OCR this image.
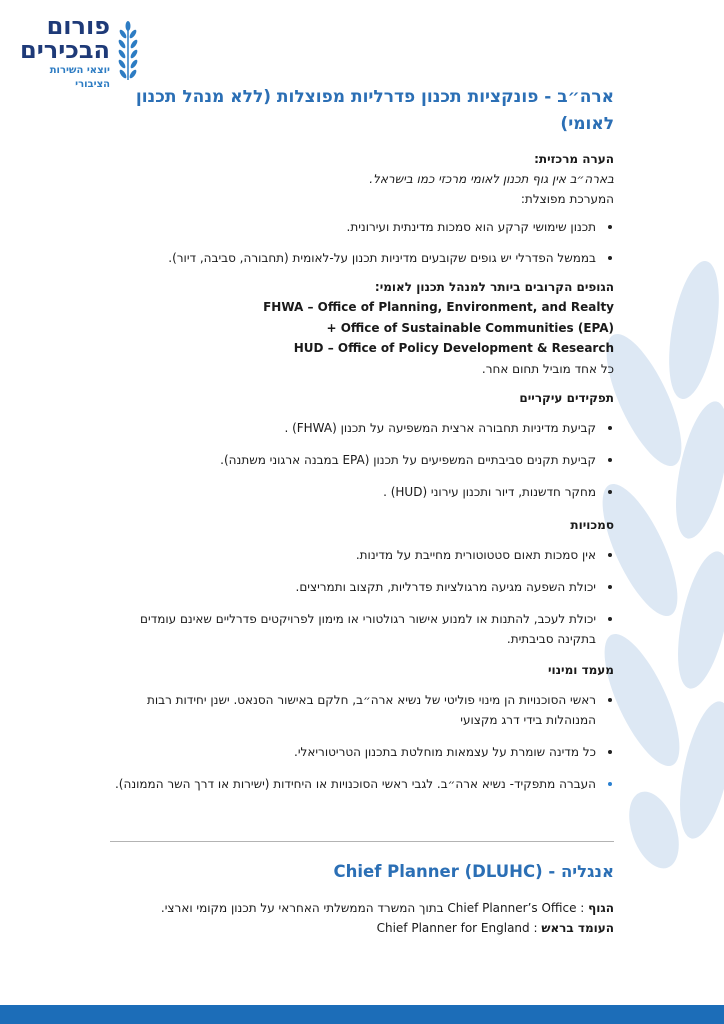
פורום
הבכירים
יוצאי השירות הציבורי
ארה״ב - פונקציות תכנון פדרליות מפוצלות (ללא מנהל תכנון לאומי)

הערה מרכזית:

בארה״ב אין גוף תכנון לאומי מרכזי כמו בישראל.

המערכת מפוצלת:

תכנון שימושי קרקע הוא סמכות מדינתית ועירונית.
בממשל הפדרלי יש גופים שקובעים מדיניות תכנון על-לאומית (תחבורה, סביבה, דיור).

הגופים הקרובים ביותר למנהל תכנון לאומי:

FHWA – Office of Planning, Environment, and Realty

Office of Sustainable Communities (EPA) +

HUD – Office of Policy Development & Research

כל אחד מוביל תחום אחר.

תפקידים עיקריים

קביעת מדיניות תחבורה ארצית המשפיעה על תכנון (FHWA) .
קביעת תקנים סביבתיים המשפיעים על תכנון (EPA במבנה ארגוני משתנה).
מחקר חדשנות, דיור ותכנון עירוני (HUD) .

סמכויות

אין סמכות תאום סטטוטורית מחייבת על מדינות.
יכולת השפעה מגיעה מרגולציות פדרליות, תקצוב ותמריצים.
יכולת לעכב, להתנות או למנוע אישור רגולטורי או מימון לפרויקטים פדרליים שאינם עומדים בתקינה סביבתית.

מעמד ומינוי

ראשי הסוכנויות הן מינוי פוליטי של נשיא ארה״ב, חלקם באישור הסנאט. ישנן יחידות רבות המנוהלות בידי דרג מקצועי
כל מדינה שומרת על עצמאות מוחלטת בתכנון הטריטוריאלי.
העברה מתפקיד- נשיא ארה״ב. לגבי ראשי הסוכנויות או היחידות (ישירות או דרך השר הממונה).
אנגליה - Chief Planner (DLUHC)

הגוף : Chief Planner’s Office בתוך המשרד הממשלתי האחראי על תכנון מקומי וארצי.

העומד בראש : Chief Planner for England
